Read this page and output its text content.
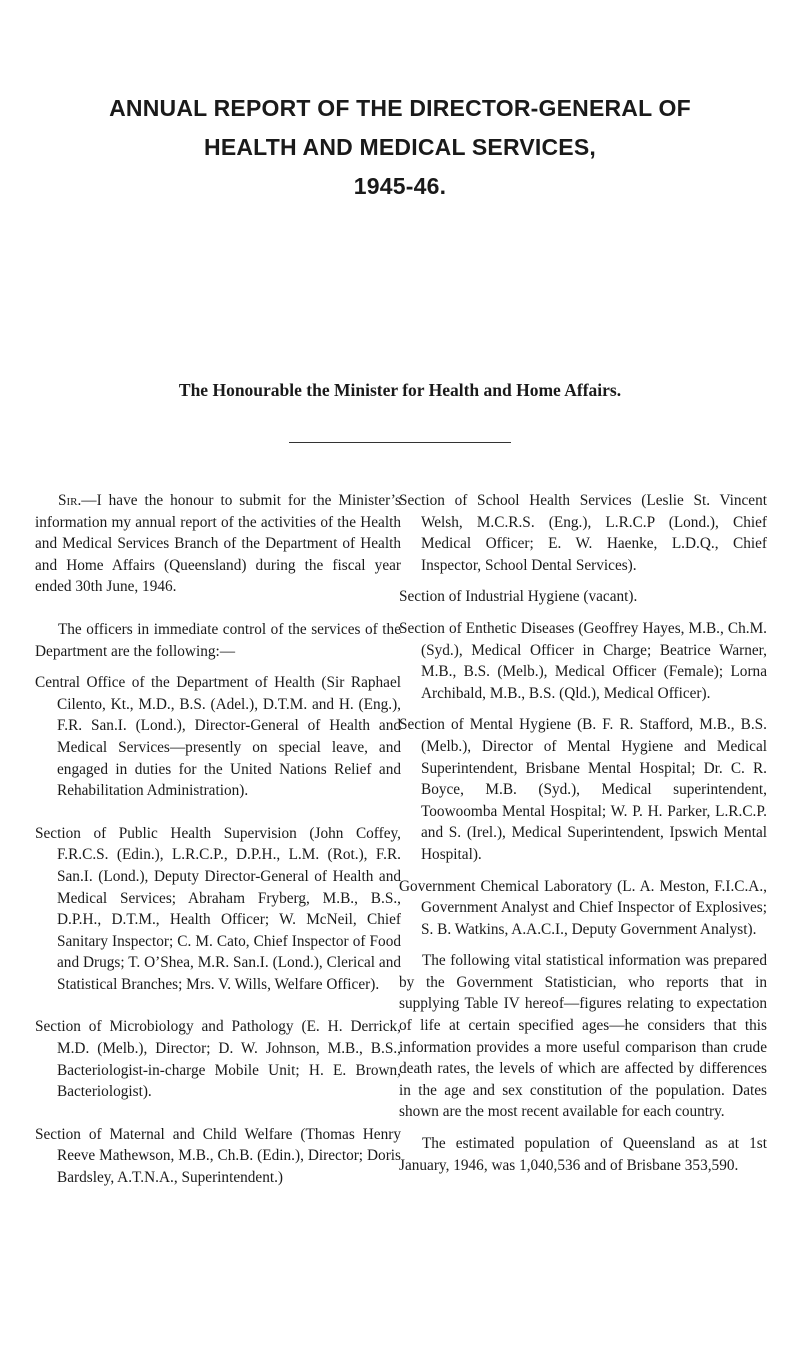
ANNUAL REPORT OF THE DIRECTOR-GENERAL OF
HEALTH AND MEDICAL SERVICES,
1945-46.

The Honourable the Minister for Health and Home Affairs.

Sir.—I have the honour to submit for the Minister’s information my annual report of the activities of the Health and Medical Services Branch of the Department of Health and Home Affairs (Queensland) during the fiscal year ended 30th June, 1946.

The officers in immediate control of the services of the Department are the following:—

Central Office of the Department of Health (Sir Raphael Cilento, Kt., M.D., B.S. (Adel.), D.T.M. and H. (Eng.), F.R. San.I. (Lond.), Director-General of Health and Medical Services—presently on special leave, and engaged in duties for the United Nations Relief and Rehabilitation Administration).

Section of Public Health Supervision (John Coffey, F.R.C.S. (Edin.), L.R.C.P., D.P.H., L.M. (Rot.), F.R. San.I. (Lond.), Deputy Director-General of Health and Medical Services; Abraham Fryberg, M.B., B.S., D.P.H., D.T.M., Health Officer; W. McNeil, Chief Sanitary Inspector; C. M. Cato, Chief Inspector of Food and Drugs; T. O’Shea, M.R. San.I. (Lond.), Clerical and Statistical Branches; Mrs. V. Wills, Welfare Officer).

Section of Microbiology and Pathology (E. H. Derrick, M.D. (Melb.), Director; D. W. Johnson, M.B., B.S., Bacteriologist-in-charge Mobile Unit; H. E. Brown, Bacteriologist).

Section of Maternal and Child Welfare (Thomas Henry Reeve Mathewson, M.B., Ch.B. (Edin.), Director; Doris Bardsley, A.T.N.A., Superintendent.)

Section of School Health Services (Leslie St. Vincent Welsh, M.C.R.S. (Eng.), L.R.C.P (Lond.), Chief Medical Officer; E. W. Haenke, L.D.Q., Chief Inspector, School Dental Services).

Section of Industrial Hygiene (vacant).

Section of Enthetic Diseases (Geoffrey Hayes, M.B., Ch.M. (Syd.), Medical Officer in Charge; Beatrice Warner, M.B., B.S. (Melb.), Medical Officer (Female); Lorna Archibald, M.B., B.S. (Qld.), Medical Officer).

Section of Mental Hygiene (B. F. R. Stafford, M.B., B.S. (Melb.), Director of Mental Hygiene and Medical Superintendent, Brisbane Mental Hospital; Dr. C. R. Boyce, M.B. (Syd.), Medical superintendent, Toowoomba Mental Hospital; W. P. H. Parker, L.R.C.P. and S. (Irel.), Medical Superintendent, Ipswich Mental Hospital).

Government Chemical Laboratory (L. A. Meston, F.I.C.A., Government Analyst and Chief Inspector of Explosives; S. B. Watkins, A.A.C.I., Deputy Government Analyst).

The following vital statistical information was prepared by the Government Statistician, who reports that in supplying Table IV hereof—figures relating to expectation of life at certain specified ages—he considers that this information provides a more useful comparison than crude death rates, the levels of which are affected by differences in the age and sex constitution of the population. Dates shown are the most recent available for each country.

The estimated population of Queensland as at 1st January, 1946, was 1,040,536 and of Brisbane 353,590.
